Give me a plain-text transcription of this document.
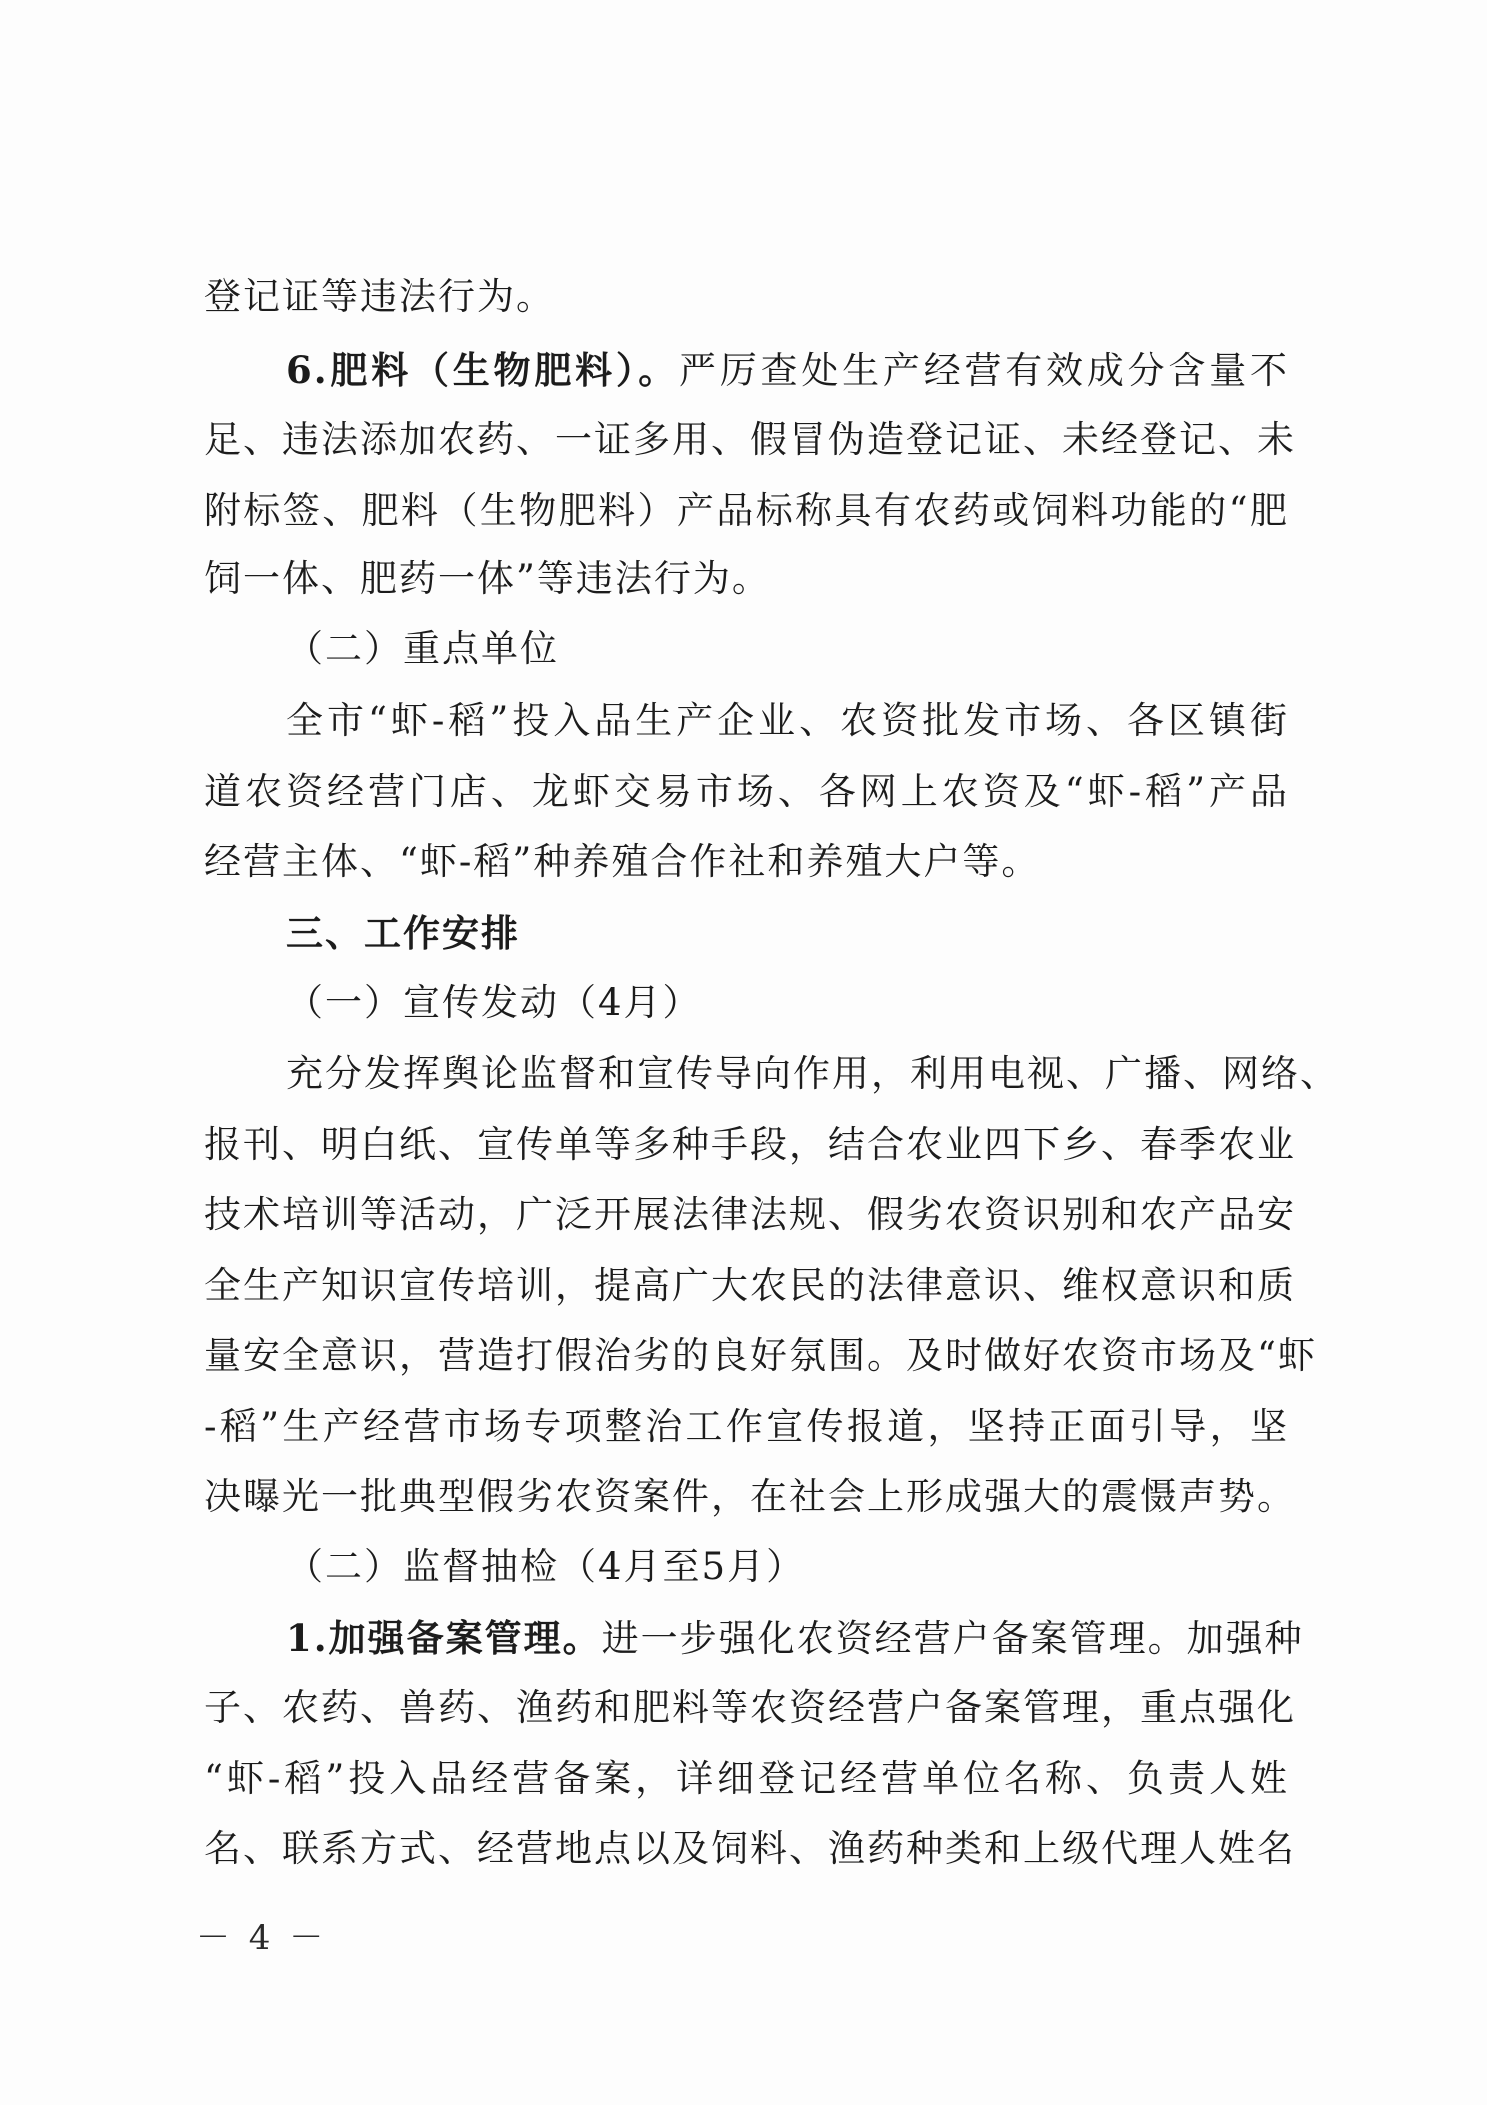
登记证等违法行为。
6.肥料（生物肥料）。严厉查处生产经营有效成分含量不
足、违法添加农药、一证多用、假冒伪造登记证、未经登记、未
附标签、肥料（生物肥料）产品标称具有农药或饲料功能的“肥
饲一体、肥药一体”等违法行为。
（二）重点单位
全市“虾-稻”投入品生产企业、农资批发市场、各区镇街
道农资经营门店、龙虾交易市场、各网上农资及“虾-稻”产品
经营主体、“虾-稻”种养殖合作社和养殖大户等。
三、工作安排
（一）宣传发动（4月）
充分发挥舆论监督和宣传导向作用，利用电视、广播、网络、
报刊、明白纸、宣传单等多种手段，结合农业四下乡、春季农业
技术培训等活动，广泛开展法律法规、假劣农资识别和农产品安
全生产知识宣传培训，提高广大农民的法律意识、维权意识和质
量安全意识，营造打假治劣的良好氛围。及时做好农资市场及“虾
-稻”生产经营市场专项整治工作宣传报道，坚持正面引导，坚
决曝光一批典型假劣农资案件，在社会上形成强大的震慑声势。
（二）监督抽检（4月至5月）
1.加强备案管理。进一步强化农资经营户备案管理。加强种
子、农药、兽药、渔药和肥料等农资经营户备案管理，重点强化
“虾-稻”投入品经营备案，详细登记经营单位名称、负责人姓
名、联系方式、经营地点以及饲料、渔药种类和上级代理人姓名
－ 4 －
